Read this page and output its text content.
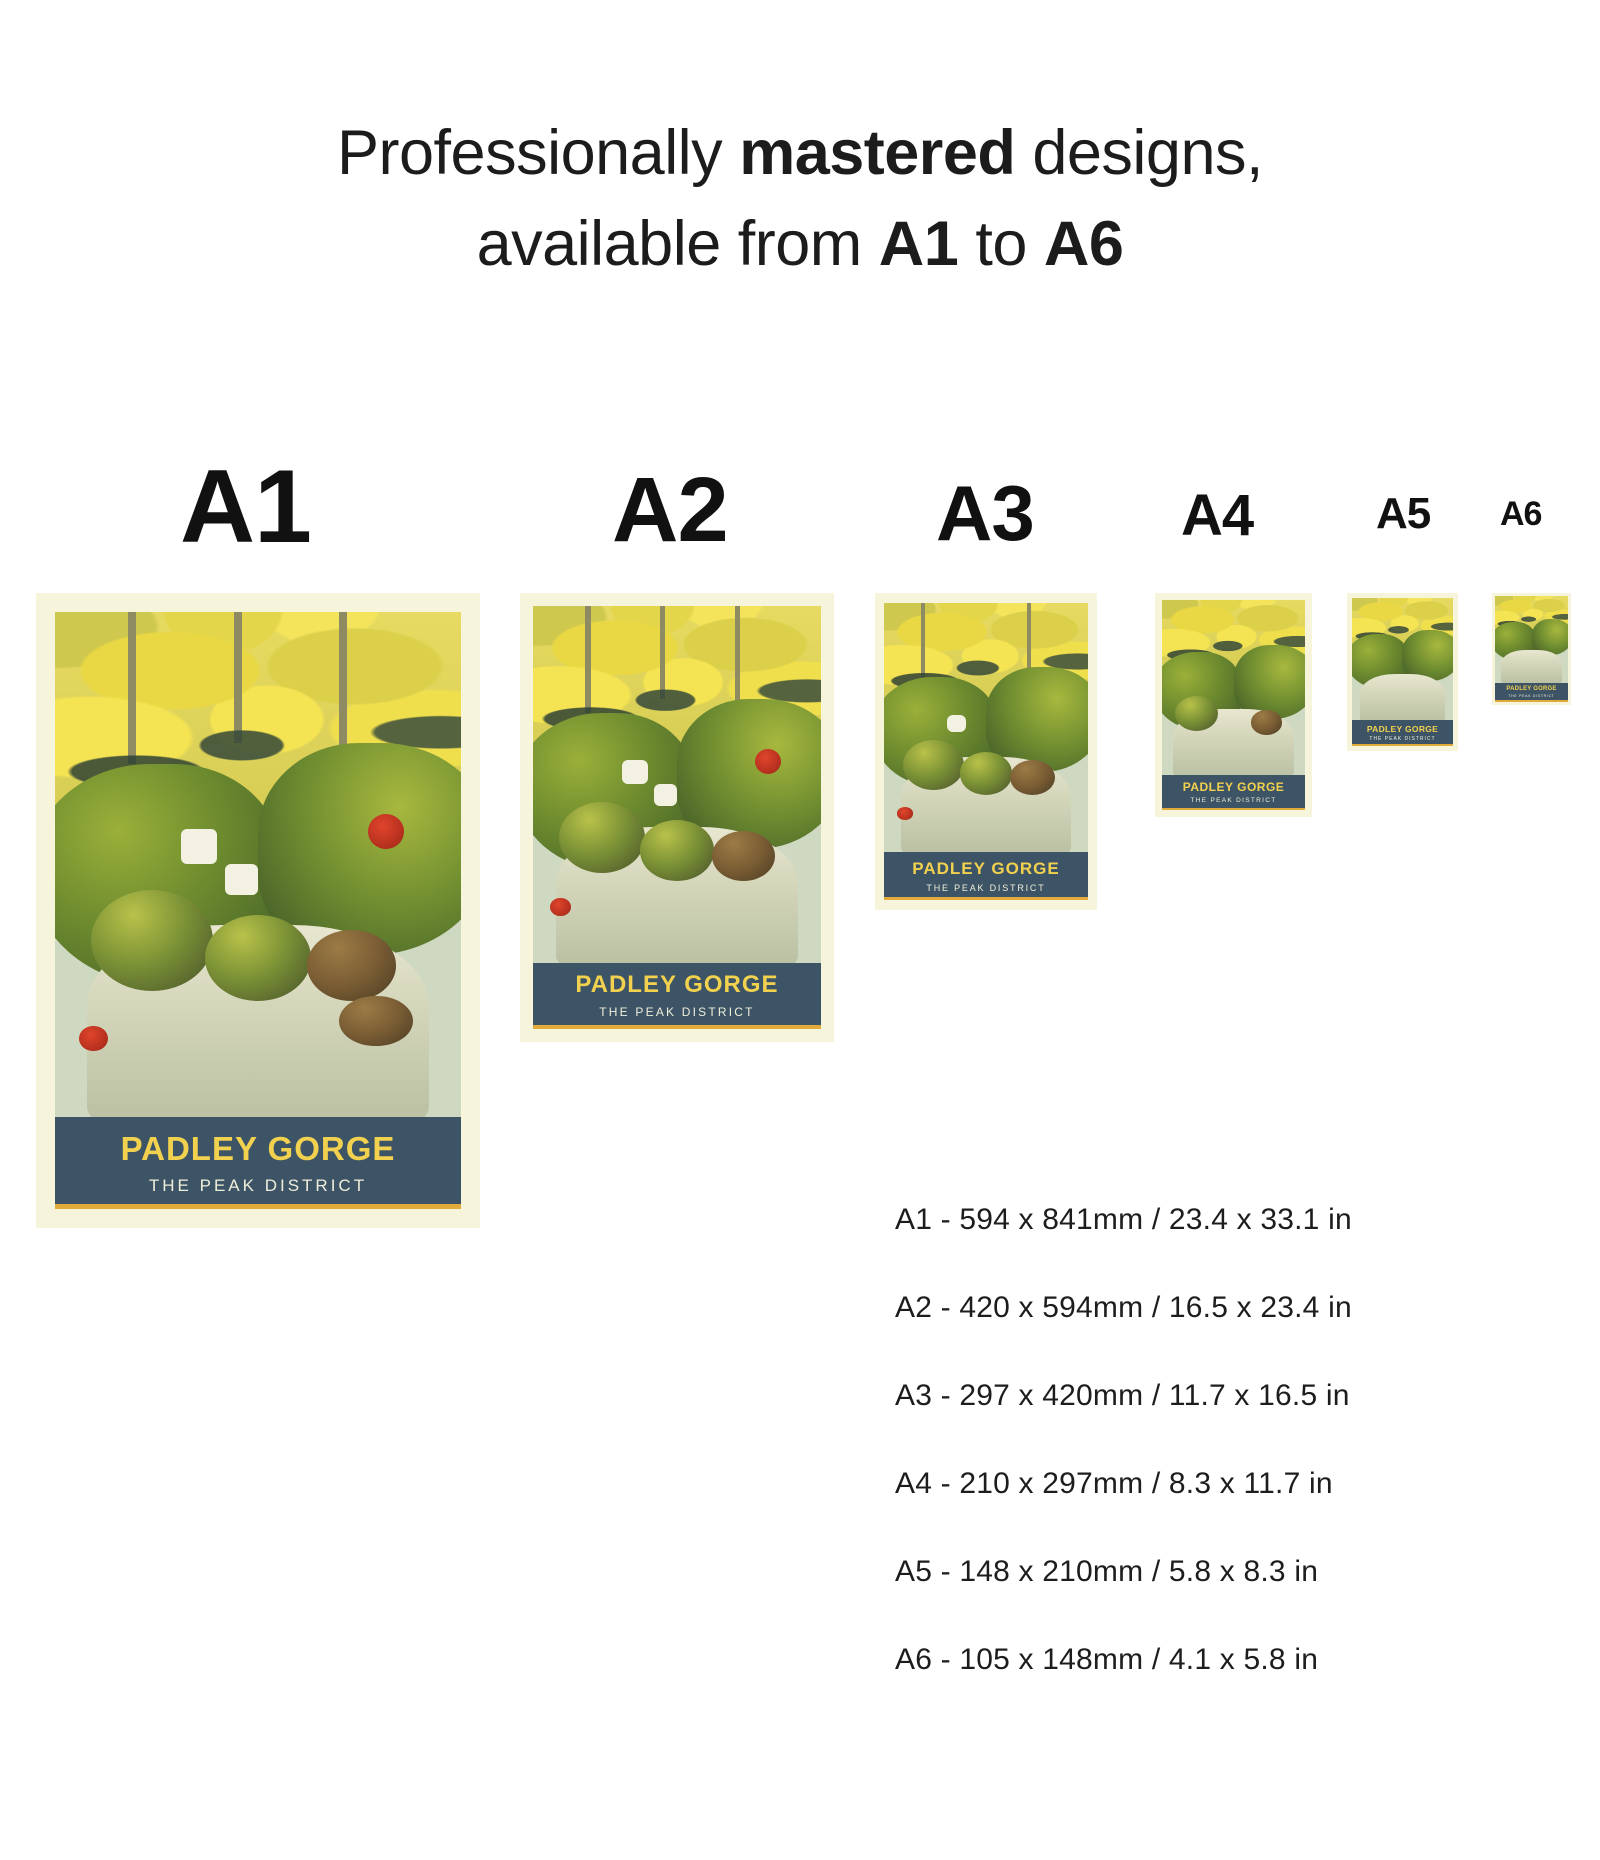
Professionally mastered designs,
available from A1 to A6
A1	A2	A3	A4	A5 A6
PADLEY GORGE
THE PEAK DISTRICT
PADLEY GORGE
THE PEAK DISTRICT
PADLEY GORGE
THE PEAK DISTRICT
PADLEY GORGE
THE PEAK DISTRICT
PADLEY GORGE
THE PEAK DISTRICT
PADLEY GORGE
THE PEAK DISTRICT
A1 - 594 x 841mm / 23.4 x 33.1 in
A2 - 420 x 594mm / 16.5 x 23.4 in
A3 - 297 x 420mm / 11.7 x 16.5 in
A4 - 210 x 297mm / 8.3 x 11.7 in
A5 - 148 x 210mm / 5.8 x 8.3 in
A6 - 105 x 148mm / 4.1 x 5.8 in
